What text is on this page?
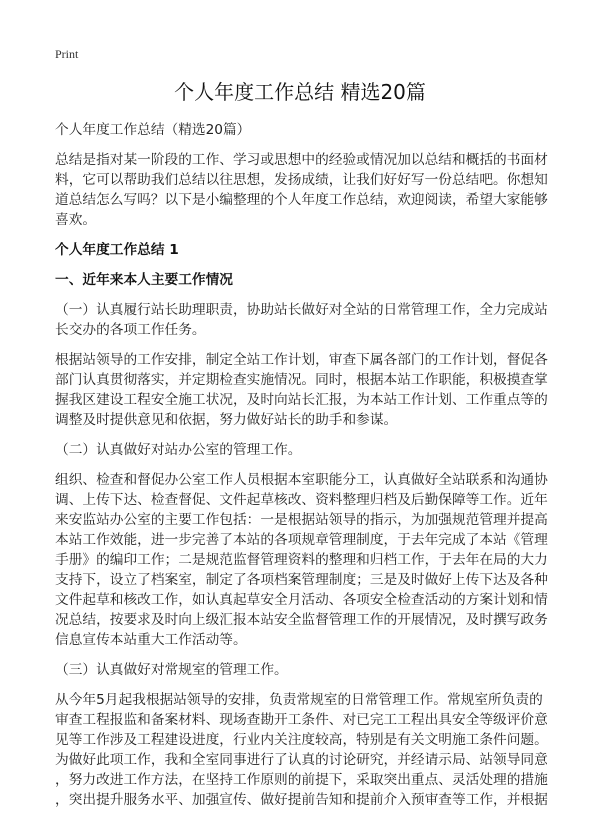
Print
个人年度工作总结 精选20篇
个人年度工作总结（精选20篇）
总结是指对某一阶段的工作、学习或思想中的经验或情况加以总结和概括的书面材
料，它可以帮助我们总结以往思想，发扬成绩，让我们好好写一份总结吧。你想知
道总结怎么写吗？以下是小编整理的个人年度工作总结，欢迎阅读，希望大家能够
喜欢。
个人年度工作总结 1
一、近年来本人主要工作情况
（一）认真履行站长助理职责，协助站长做好对全站的日常管理工作，全力完成站
长交办的各项工作任务。
根据站领导的工作安排，制定全站工作计划，审查下属各部门的工作计划，督促各
部门认真贯彻落实，并定期检查实施情况。同时，根据本站工作职能，积极摸查掌
握我区建设工程安全施工状况，及时向站长汇报，为本站工作计划、工作重点等的
调整及时提供意见和依据，努力做好站长的助手和参谋。
（二）认真做好对站办公室的管理工作。
组织、检查和督促办公室工作人员根据本室职能分工，认真做好全站联系和沟通协
调、上传下达、检查督促、文件起草核改、资料整理归档及后勤保障等工作。近年
来安监站办公室的主要工作包括：一是根据站领导的指示，为加强规范管理并提高
本站工作效能，进一步完善了本站的各项规章管理制度，于去年完成了本站《管理
手册》的编印工作；二是规范监督管理资料的整理和归档工作，于去年在局的大力
支持下，设立了档案室，制定了各项档案管理制度；三是及时做好上传下达及各种
文件起草和核改工作，如认真起草安全月活动、各项安全检查活动的方案计划和情
况总结，按要求及时向上级汇报本站安全监督管理工作的开展情况，及时撰写政务
信息宣传本站重大工作活动等。
（三）认真做好对常规室的管理工作。
从今年5月起我根据站领导的安排，负责常规室的日常管理工作。常规室所负责的
审查工程报监和备案材料、现场查勘开工条件、对已完工工程出具安全等级评价意
见等工作涉及工程建设进度，行业内关注度较高，特别是有关文明施工条件问题。
为做好此项工作，我和全室同事进行了认真的讨论研究，并经请示局、站领导同意
，努力改进工作方法，在坚持工作原则的前提下，采取突出重点、灵活处理的措施
，突出提升服务水平、加强宣传、做好提前告知和提前介入预审查等工作，并根据
